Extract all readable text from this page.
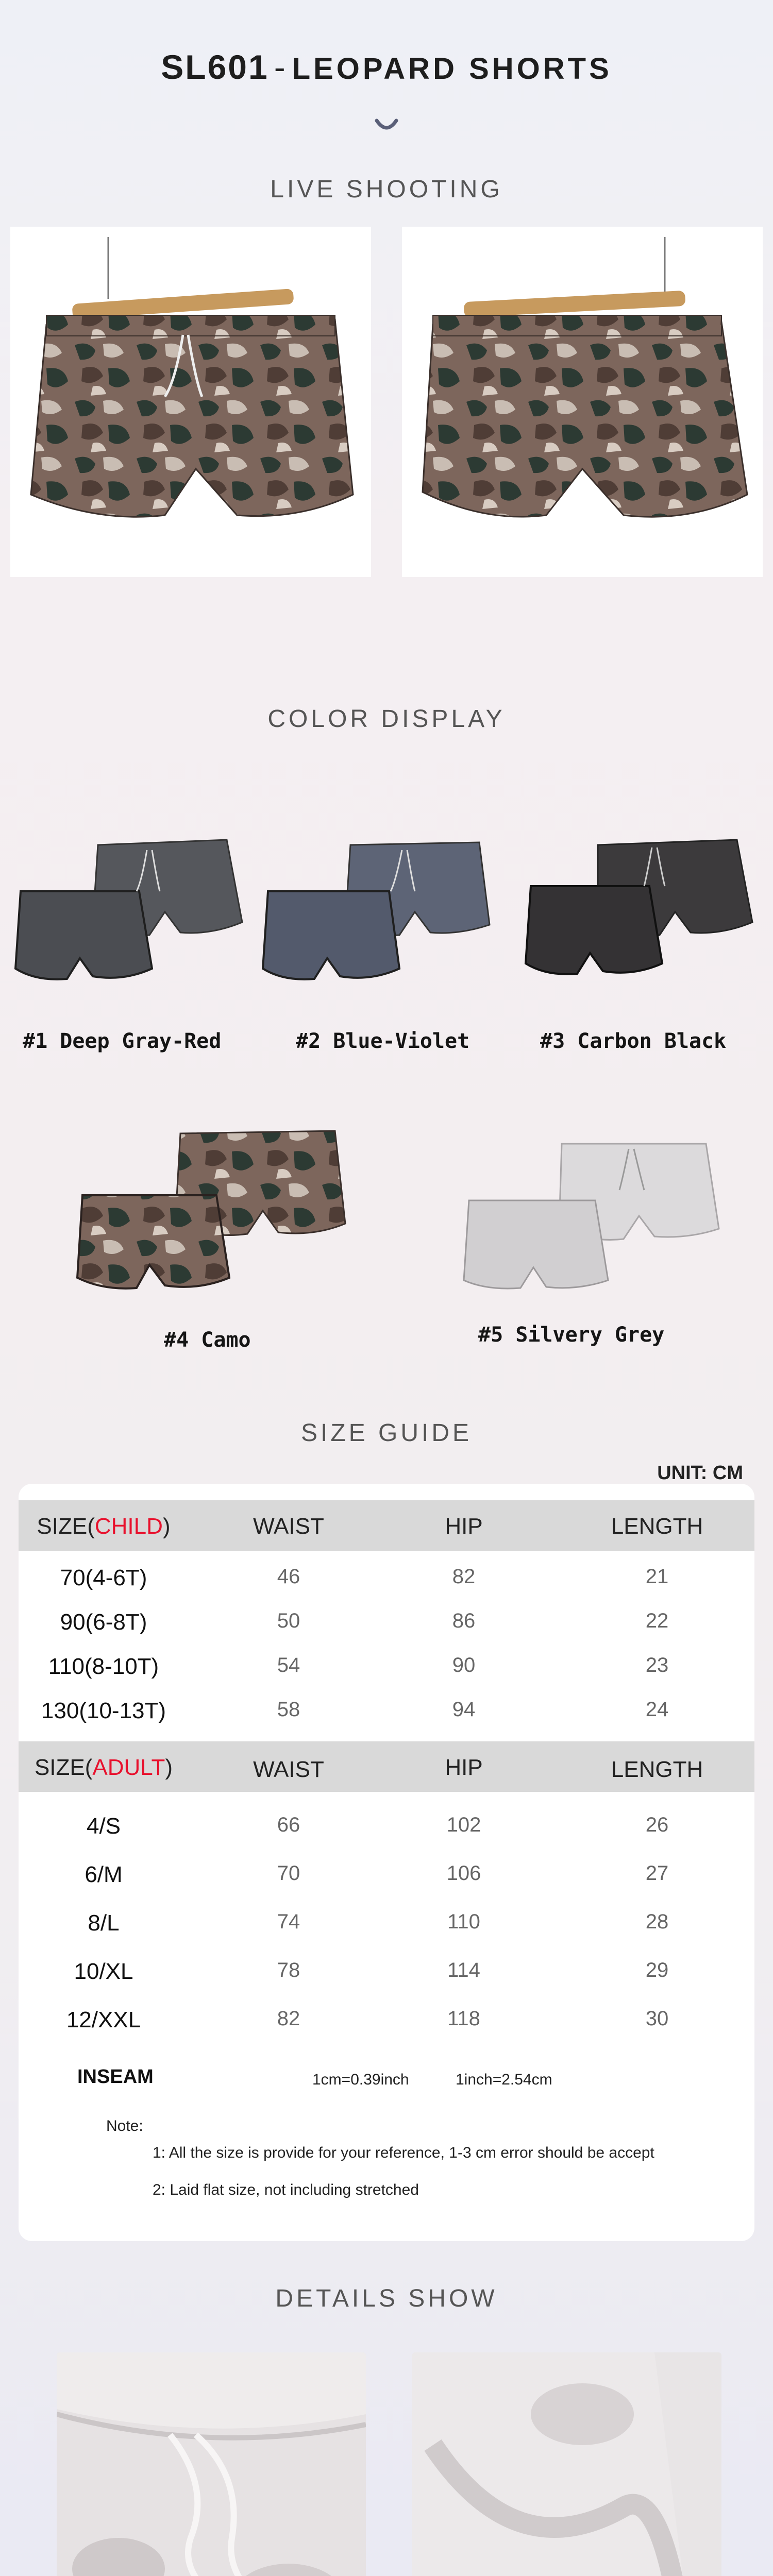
SL601 - LEOPARD SHORTS
LIVE SHOOTING
COLOR DISPLAY
#1 Deep Gray-Red	#2 Blue-Violet	#3 Carbon Black
#4 Camo	#5 Silvery Grey
SIZE GUIDE
UNIT: CM
SIZE(CHILD)	WAIST	HIP	LENGTH
70(4-6T)	46	82	21
90(6-8T)	50	86	22
110(8-10T)	54	90	23
130(10-13T)	58	94	24
SIZE(ADULT)	WAIST	HIP	LENGTH
4/S	66	102	26
6/M	70	106	27
8/L	74	110	28
10/XL	78	114	29
12/XXL	82	118	30
INSEAM	1cm=0.39inch	1inch=2.54cm
Note:
1: All the size is provide for your reference, 1-3 cm error should be accept
2: Laid flat size, not including stretched
DETAILS SHOW
